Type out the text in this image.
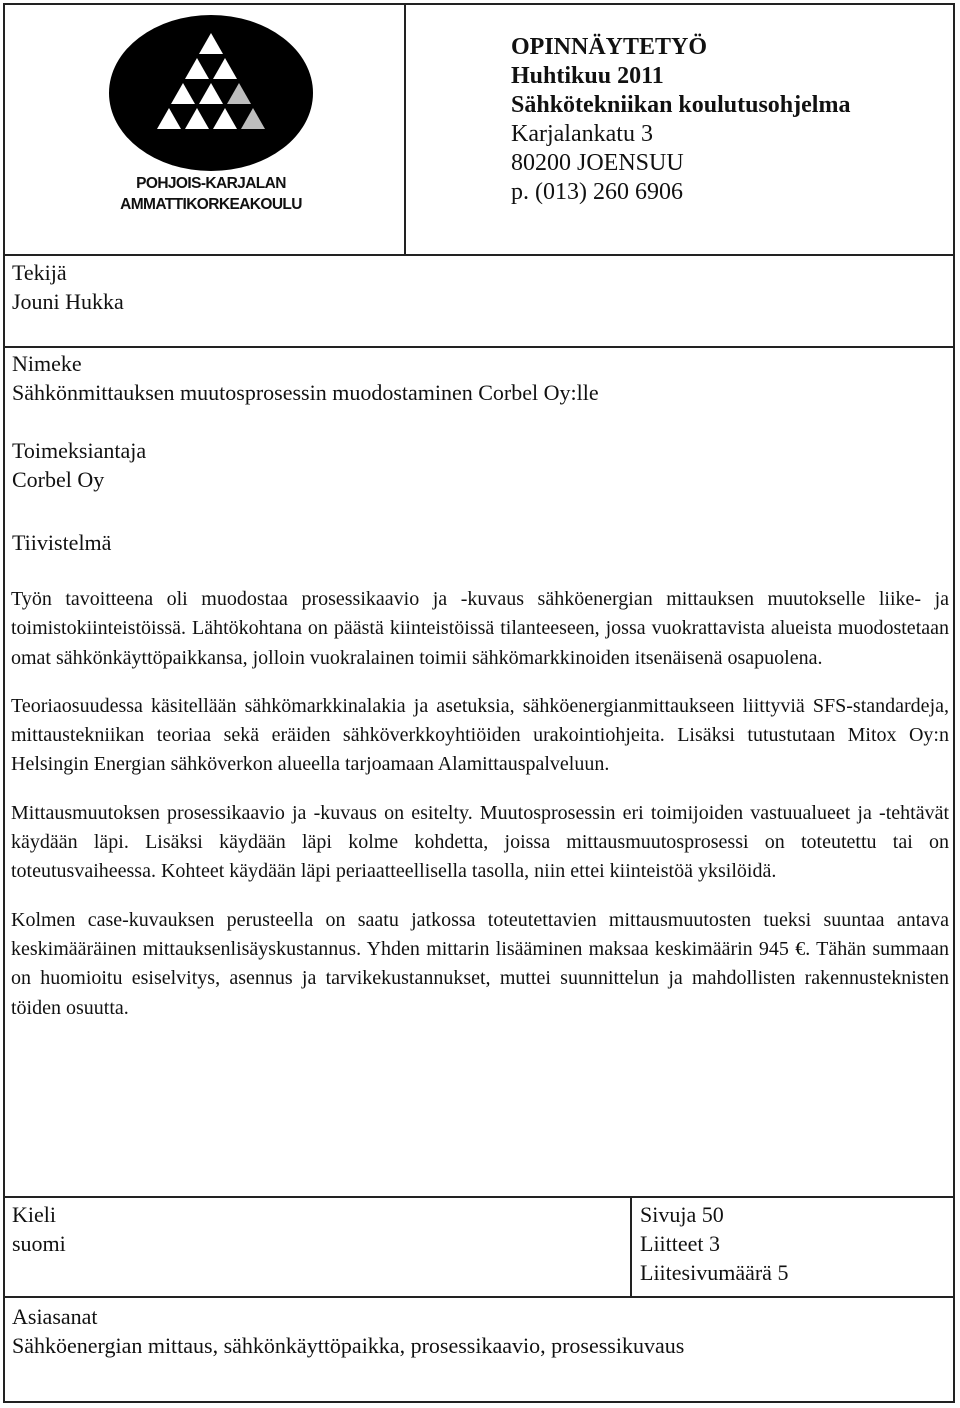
POHJOIS-KARJALAN
AMMATTIKORKEAKOULU
OPINNÄYTETYÖ
Huhtikuu 2011
Sähkötekniikan koulutusohjelma
Karjalankatu 3
80200 JOENSUU
p. (013) 260 6906
Tekijä
Jouni Hukka
Nimeke
Sähkönmittauksen muutosprosessin muodostaminen Corbel Oy:lle
Toimeksiantaja
Corbel Oy
Tiivistelmä

Työn tavoitteena oli muodostaa prosessikaavio ja -kuvaus sähköenergian mittauksen muutokselle liike- ja toimistokiinteistöissä. Lähtökohtana on päästä kiinteistöissä tilanteeseen, jossa vuokrattavista alueista muodostetaan omat sähkönkäyttöpaikkansa, jolloin vuokralainen toimii sähkömarkkinoiden itsenäisenä osapuolena.

Teoriaosuudessa käsitellään sähkömarkkinalakia ja asetuksia, sähköenergianmittaukseen liittyviä SFS-standardeja, mittaustekniikan teoriaa sekä eräiden sähköverkkoyhtiöiden urakointiohjeita. Lisäksi tutustutaan Mitox Oy:n Helsingin Energian sähköverkon alueella tarjoamaan Alamittauspalveluun.

Mittausmuutoksen prosessikaavio ja -kuvaus on esitelty. Muutosprosessin eri toimijoiden vastuualueet ja -tehtävät käydään läpi. Lisäksi käydään läpi kolme kohdetta, joissa mittausmuutosprosessi on toteutettu tai on toteutusvaiheessa. Kohteet käydään läpi periaatteellisella tasolla, niin ettei kiinteistöä yksilöidä.

Kolmen case-kuvauksen perusteella on saatu jatkossa toteutettavien mittausmuutosten tueksi suuntaa antava keskimääräinen mittauksenlisäyskustannus. Yhden mittarin lisääminen maksaa keskimäärin 945 €. Tähän summaan on huomioitu esiselvitys, asennus ja tarvikekustannukset, muttei suunnittelun ja mahdollisten rakennusteknisten töiden osuutta.

Kieli
suomi
Sivuja 50
Liitteet 3
Liitesivumäärä 5
Asiasanat
Sähköenergian mittaus, sähkönkäyttöpaikka, prosessikaavio, prosessikuvaus
